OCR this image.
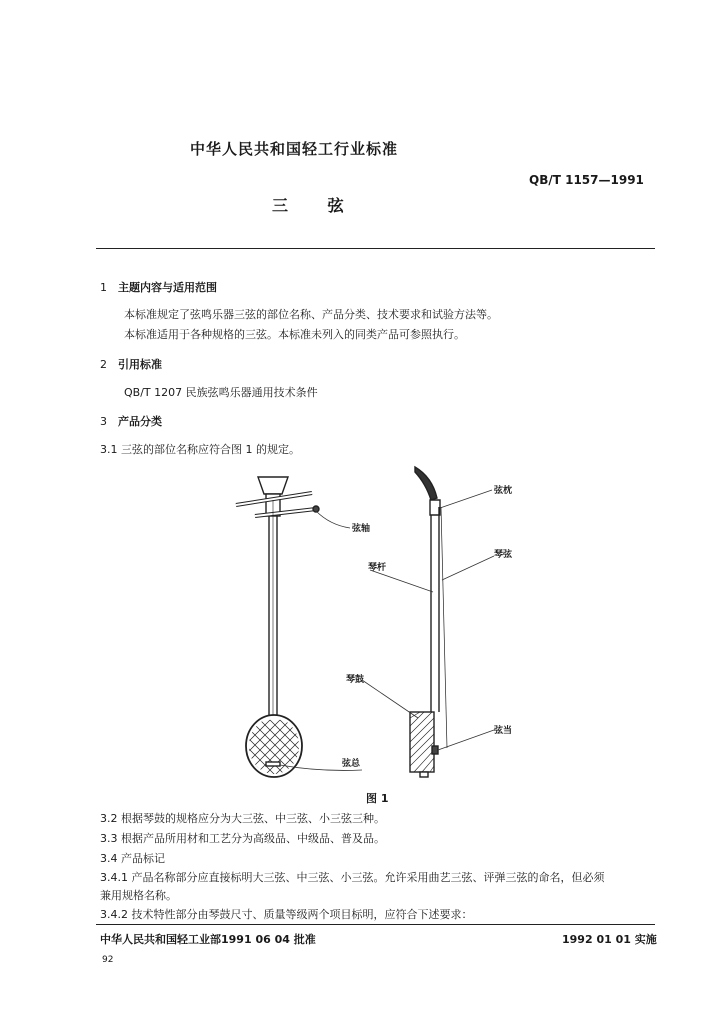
中华人民共和国轻工行业标准
QB/T 1157—1991
三 弦
1 主题内容与适用范围
本标准规定了弦鸣乐器三弦的部位名称、产品分类、技术要求和试验方法等。
本标准适用于各种规格的三弦。本标准未列入的同类产品可参照执行。
2 引用标准
QB/T 1207 民族弦鸣乐器通用技术条件
3 产品分类
3.1 三弦的部位名称应符合图 1 的规定。
弦轴
弦枕
琴杆
琴弦
琴鼓
弦当
弦总
图 1
3.2 根据琴鼓的规格应分为大三弦、中三弦、小三弦三种。
3.3 根据产品所用材和工艺分为高级品、中级品、普及品。
3.4 产品标记
3.4.1 产品名称部分应直接标明大三弦、中三弦、小三弦。允许采用曲艺三弦、评弹三弦的命名，但必须
兼用规格名称。
3.4.2 技术特性部分由琴鼓尺寸、质量等级两个项目标明，应符合下述要求：
中华人民共和国轻工业部1991 06 04 批准	1992 01 01 实施
92
